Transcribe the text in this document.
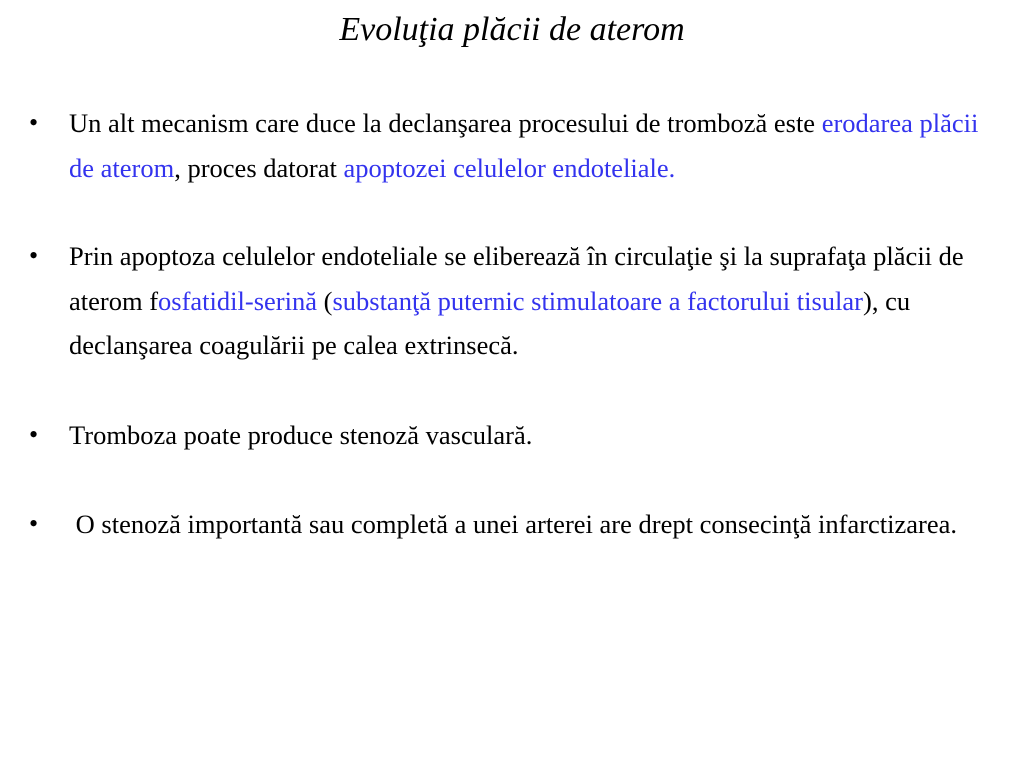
Evoluţia plăcii de aterom
• Un alt mecanism care duce la declanşarea procesului de tromboză este erodarea plăcii de aterom, proces datorat apoptozei celulelor endoteliale.
• Prin apoptoza celulelor endoteliale se eliberează în circulaţie şi la suprafaţa plăcii de aterom fosfatidil-serină (substanţă puternic stimulatoare a factorului tisular), cu declanşarea coagulării pe calea extrinsecă.
• Tromboza poate produce stenoză vasculară.
• O stenoză importantă sau completă a unei arterei are drept consecinţă infarctizarea.
